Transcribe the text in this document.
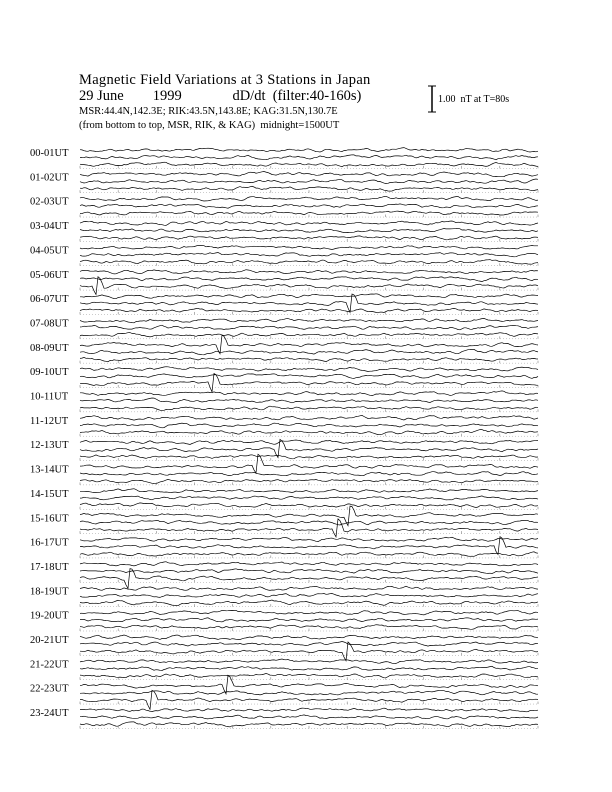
Magnetic Field Variations at 3 Stations in Japan
29 June        1999              dD/dt  (filter:40-160s)
MSR:44.4N,142.3E; RIK:43.5N,143.8E; KAG:31.5N,130.7E
(from bottom to top, MSR, RIK, & KAG)  midnight=1500UT
1.00  nT at T=80s
00-01UT
01-02UT
02-03UT
03-04UT
04-05UT
05-06UT
06-07UT
07-08UT
08-09UT
09-10UT
10-11UT
11-12UT
12-13UT
13-14UT
14-15UT
15-16UT
16-17UT
17-18UT
18-19UT
19-20UT
20-21UT
21-22UT
22-23UT
23-24UT
